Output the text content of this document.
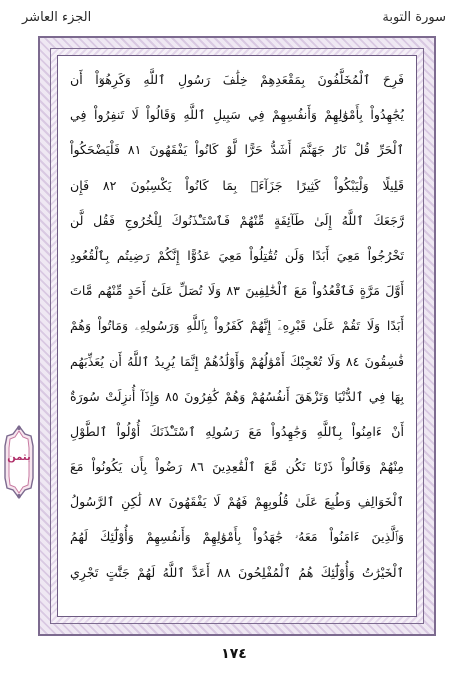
سورة التوبة
الجزء العاشر
فَرِحَ ٱلْمُخَلَّفُونَ بِمَقْعَدِهِمْ خِلَٰفَ رَسُولِ ٱللَّهِ وَكَرِهُوٓاْ أَن
يُجَٰهِدُواْ بِأَمْوَٰلِهِمْ وَأَنفُسِهِمْ فِي سَبِيلِ ٱللَّهِ وَقَالُواْ لَا تَنفِرُواْ فِي
ٱلْحَرِّ قُلْ نَارُ جَهَنَّمَ أَشَدُّ حَرًّا لَّوْ كَانُواْ يَفْقَهُونَ ٨١ فَلْيَضْحَكُواْ
قَلِيلًا وَلْيَبْكُواْ كَثِيرًا جَزَآءَۢ بِمَا كَانُواْ يَكْسِبُونَ ٨٢ فَإِن
رَّجَعَكَ ٱللَّهُ إِلَىٰ طَآئِفَةٍ مِّنْهُمْ فَٱسْتَـْٔذَنُوكَ لِلْخُرُوجِ فَقُل لَّن
تَخْرُجُواْ مَعِيَ أَبَدًا وَلَن تُقَٰتِلُواْ مَعِيَ عَدُوًّا إِنَّكُمْ رَضِيتُم بِٱلْقُعُودِ
أَوَّلَ مَرَّةٍ فَٱقْعُدُواْ مَعَ ٱلْخَٰلِفِينَ ٨٣ وَلَا تُصَلِّ عَلَىٰٓ أَحَدٍ مِّنْهُم مَّاتَ
أَبَدًا وَلَا تَقُمْ عَلَىٰ قَبْرِهِۦٓ إِنَّهُمْ كَفَرُواْ بِٱللَّهِ وَرَسُولِهِۦ وَمَاتُواْ وَهُمْ
فَٰسِقُونَ ٨٤ وَلَا تُعْجِبْكَ أَمْوَٰلُهُمْ وَأَوْلَٰدُهُمْ إِنَّمَا يُرِيدُ ٱللَّهُ أَن يُعَذِّبَهُم
بِهَا فِي ٱلدُّنْيَا وَتَزْهَقَ أَنفُسُهُمْ وَهُمْ كَٰفِرُونَ ٨٥ وَإِذَآ أُنزِلَتْ سُورَةٌ
أَنْ ءَامِنُواْ بِٱللَّهِ وَجَٰهِدُواْ مَعَ رَسُولِهِ ٱسْتَـْٔذَنَكَ أُوْلُواْ ٱلطَّوْلِ
مِنْهُمْ وَقَالُواْ ذَرْنَا نَكُن مَّعَ ٱلْقَٰعِدِينَ ٨٦ رَضُواْ بِأَن يَكُونُواْ مَعَ
ٱلْخَوَالِفِ وَطُبِعَ عَلَىٰ قُلُوبِهِمْ فَهُمْ لَا يَفْقَهُونَ ٨٧ لَٰكِنِ ٱلرَّسُولُ
وَٱلَّذِينَ ءَامَنُواْ مَعَهُۥ جَٰهَدُواْ بِأَمْوَٰلِهِمْ وَأَنفُسِهِمْ وَأُوْلَٰٓئِكَ لَهُمُ
ٱلْخَيْرَٰتُ وَأُوْلَٰٓئِكَ هُمُ ٱلْمُفْلِحُونَ ٨٨ أَعَدَّ ٱللَّهُ لَهُمْ جَنَّٰتٍ تَجْرِي
بثمن
١٧٤
